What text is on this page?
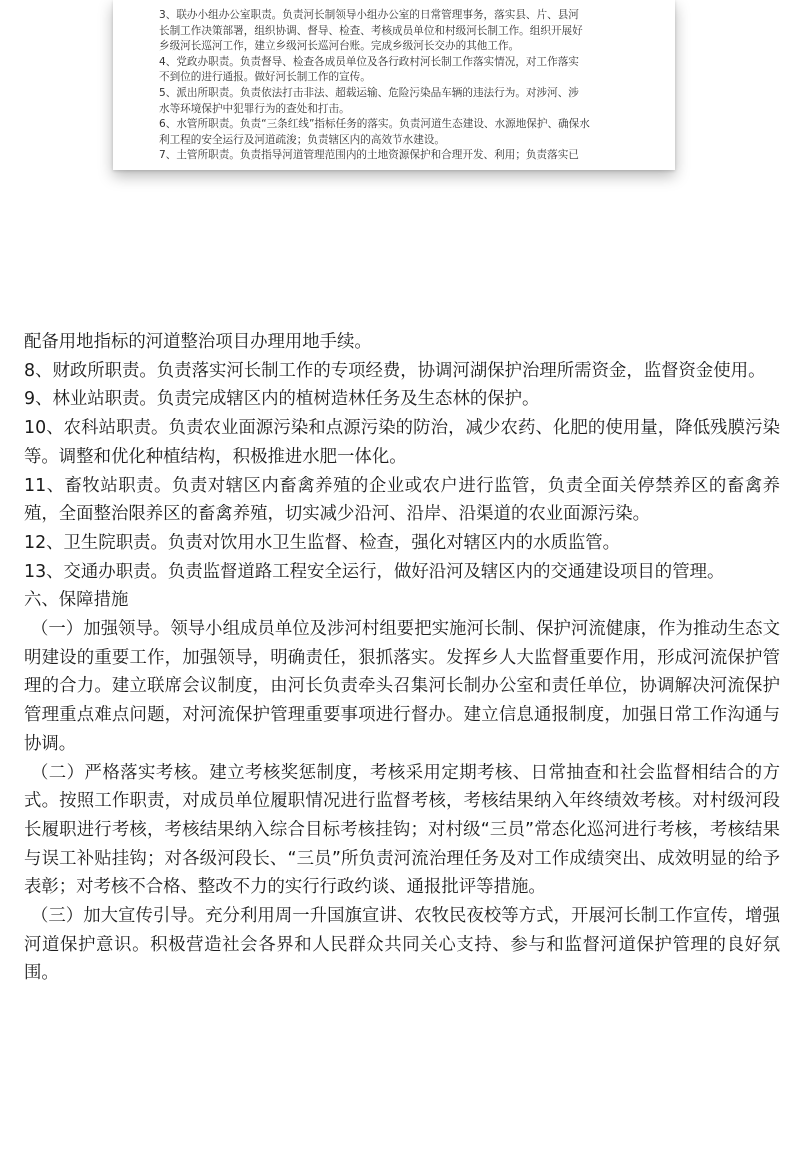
3、联办小组办公室职责。负责河长制领导小组办公室的日常管理事务，落实县、片、县河

长制工作决策部署，组织协调、督导、检查、考核成员单位和村级河长制工作。组织开展好

乡级河长巡河工作，建立乡级河长巡河台账。完成乡级河长交办的其他工作。

4、党政办职责。负责督导、检查各成员单位及各行政村河长制工作落实情况，对工作落实

不到位的进行通报。做好河长制工作的宣传。

5、派出所职责。负责依法打击非法、超载运输、危险污染品车辆的违法行为。对涉河、涉

水等环境保护中犯罪行为的查处和打击。

6、水管所职责。负责“三条红线”指标任务的落实。负责河道生态建设、水源地保护、确保水

利工程的安全运行及河道疏浚；负责辖区内的高效节水建设。

7、土管所职责。负责指导河道管理范围内的土地资源保护和合理开发、利用；负责落实已

配备用地指标的河道整治项目办理用地手续。

8、财政所职责。负责落实河长制工作的专项经费，协调河湖保护治理所需资金，监督资金使用。

9、林业站职责。负责完成辖区内的植树造林任务及生态林的保护。

10、农科站职责。负责农业面源污染和点源污染的防治，减少农药、化肥的使用量，降低残膜污染等。调整和优化种植结构，积极推进水肥一体化。

11、畜牧站职责。负责对辖区内畜禽养殖的企业或农户进行监管，负责全面关停禁养区的畜禽养殖，全面整治限养区的畜禽养殖，切实减少沿河、沿岸、沿渠道的农业面源污染。

12、卫生院职责。负责对饮用水卫生监督、检查，强化对辖区内的水质监管。

13、交通办职责。负责监督道路工程安全运行，做好沿河及辖区内的交通建设项目的管理。

六、保障措施

（一）加强领导。领导小组成员单位及涉河村组要把实施河长制、保护河流健康，作为推动生态文明建设的重要工作，加强领导，明确责任，狠抓落实。发挥乡人大监督重要作用，形成河流保护管理的合力。建立联席会议制度，由河长负责牵头召集河长制办公室和责任单位，协调解决河流保护管理重点难点问题，对河流保护管理重要事项进行督办。建立信息通报制度，加强日常工作沟通与协调。

（二）严格落实考核。建立考核奖惩制度，考核采用定期考核、日常抽查和社会监督相结合的方式。按照工作职责，对成员单位履职情况进行监督考核，考核结果纳入年终绩效考核。对村级河段长履职进行考核，考核结果纳入综合目标考核挂钩；对村级“三员”常态化巡河进行考核，考核结果与误工补贴挂钩；对各级河段长、“三员”所负责河流治理任务及对工作成绩突出、成效明显的给予表彰；对考核不合格、整改不力的实行行政约谈、通报批评等措施。

（三）加大宣传引导。充分利用周一升国旗宣讲、农牧民夜校等方式，开展河长制工作宣传，增强河道保护意识。积极营造社会各界和人民群众共同关心支持、参与和监督河道保护管理的良好氛围。
